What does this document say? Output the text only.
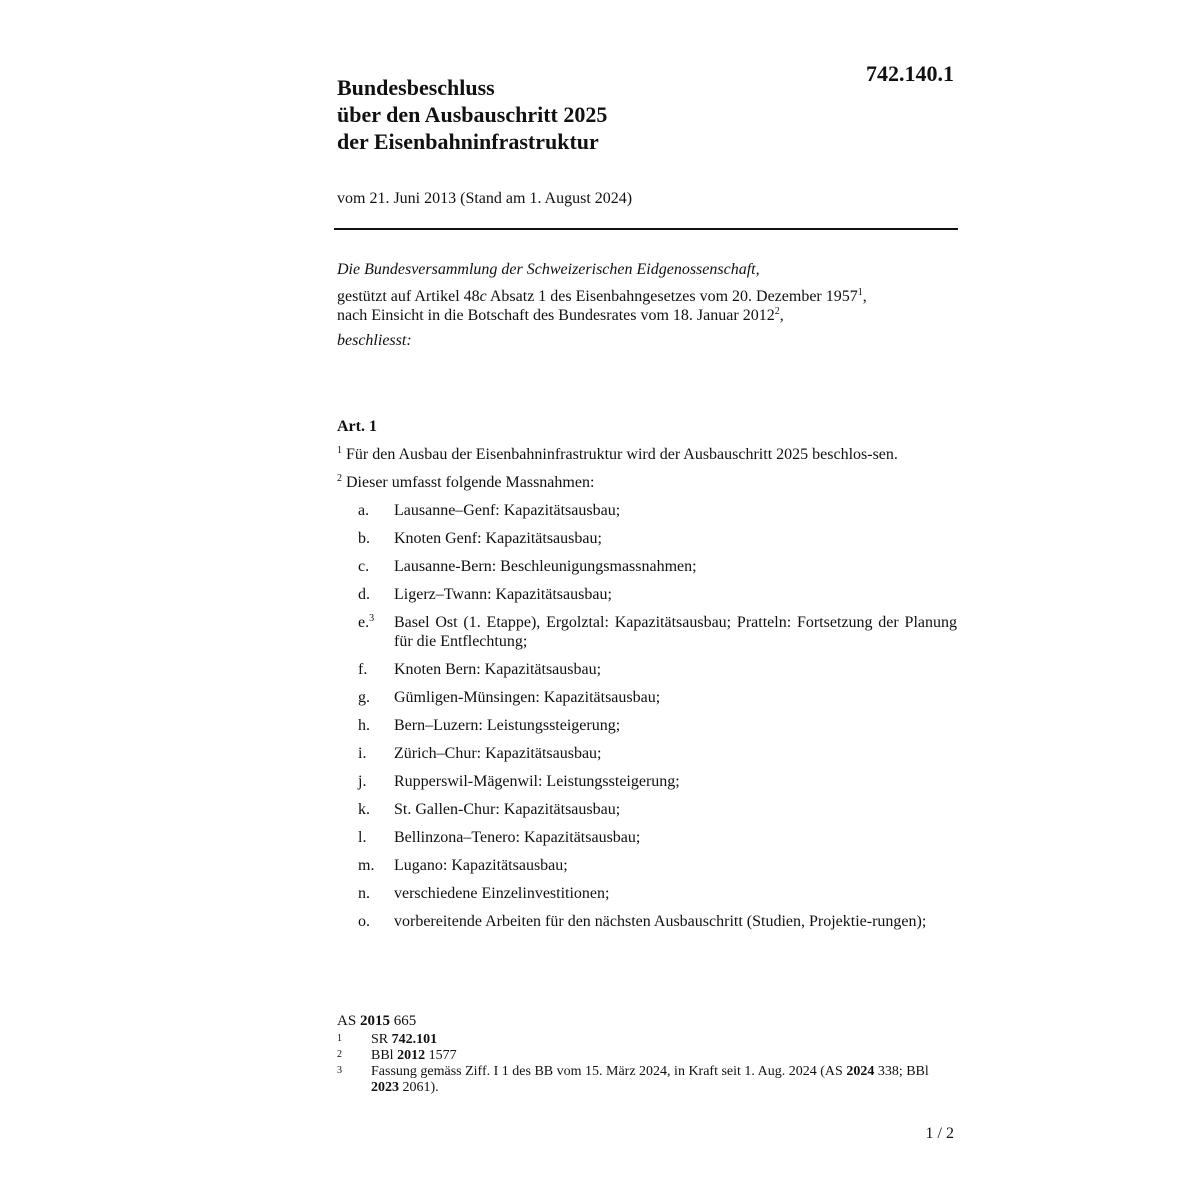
742.140.1
Bundesbeschluss
über den Ausbauschritt 2025
der Eisenbahninfrastruktur
vom 21. Juni 2013 (Stand am 1. August 2024)

Die Bundesversammlung der Schweizerischen Eidgenossenschaft,

gestützt auf Artikel 48c Absatz 1 des Eisenbahngesetzes vom 20. Dezember 1957$^1$,

nach Einsicht in die Botschaft des Bundesrates vom 18. Januar 2012$^2$,

beschliesst:

Art. 1

$^1$ Für den Ausbau der Eisenbahninfrastruktur wird der Ausbauschritt 2025 beschlos-sen.

$^2$ Dieser umfasst folgende Massnahmen:

a.	Lausanne–Genf: Kapazitätsausbau;
b.	Knoten Genf: Kapazitätsausbau;
c.	Lausanne-Bern: Beschleunigungsmassnahmen;
d.	Ligerz–Twann: Kapazitätsausbau;
e.$^3$	Basel Ost (1. Etappe), Ergolztal: Kapazitätsausbau; Pratteln: Fortsetzung der Planung für die Entflechtung;
f.	Knoten Bern: Kapazitätsausbau;
g.	Gümligen-Münsingen: Kapazitätsausbau;
h.	Bern–Luzern: Leistungssteigerung;
i.	Zürich–Chur: Kapazitätsausbau;
j.	Rupperswil-Mägenwil: Leistungssteigerung;
k.	St. Gallen-Chur: Kapazitätsausbau;
l.	Bellinzona–Tenero: Kapazitätsausbau;
m.	Lugano: Kapazitätsausbau;
n.	verschiedene Einzelinvestitionen;
o.	vorbereitende Arbeiten für den nächsten Ausbauschritt (Studien, Projektie-rungen);

AS 2015 665

1	SR 742.101
2	BBl 2012 1577
3	Fassung gemäss Ziff. I 1 des BB vom 15. März 2024, in Kraft seit 1. Aug. 2024 (AS 2024 338; BBl 2023 2061).
1 / 2
